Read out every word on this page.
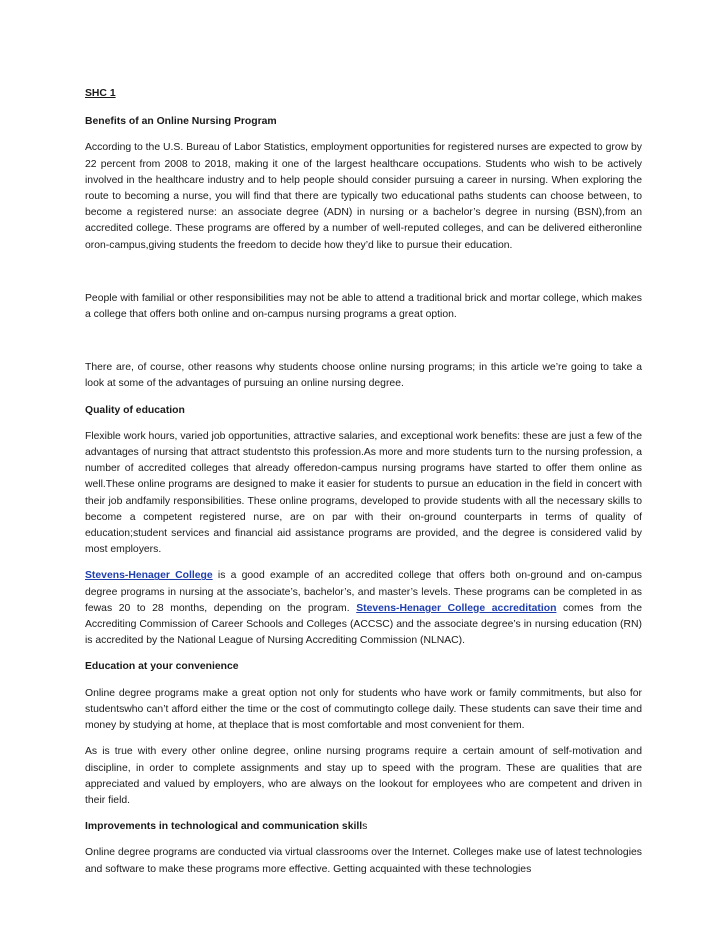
SHC 1

Benefits of an Online Nursing Program

According to the U.S. Bureau of Labor Statistics, employment opportunities for registered nurses are expected to grow by 22 percent from 2008 to 2018, making it one of the largest healthcare occupations. Students who wish to be actively involved in the healthcare industry and to help people should consider pursuing a career in nursing. When exploring the route to becoming a nurse, you will find that there are typically two educational paths students can choose between, to become a registered nurse: an associate degree (ADN) in nursing or a bachelor’s degree in nursing (BSN),from an accredited college. These programs are offered by a number of well-reputed colleges, and can be delivered eitheronline oron-campus,giving students the freedom to decide how they’d like to pursue their education.

People with familial or other responsibilities may not be able to attend a traditional brick and mortar college, which makes a college that offers both online and on-campus nursing programs a great option.

There are, of course, other reasons why students choose online nursing programs; in this article we’re going to take a look at some of the advantages of pursuing an online nursing degree.

Quality of education

Flexible work hours, varied job opportunities, attractive salaries, and exceptional work benefits: these are just a few of the advantages of nursing that attract studentsto this profession.As more and more students turn to the nursing profession, a number of accredited colleges that already offeredon-campus nursing programs have started to offer them online as well.These online programs are designed to make it easier for students to pursue an education in the field in concert with their job andfamily responsibilities. These online programs, developed to provide students with all the necessary skills to become a competent registered nurse, are on par with their on-ground counterparts in terms of quality of education;student services and financial aid assistance programs are provided, and the degree is considered valid by most employers.

Stevens-Henager College is a good example of an accredited college that offers both on-ground and on-campus degree programs in nursing at the associate’s, bachelor’s, and master’s levels. These programs can be completed in as fewas 20 to 28 months, depending on the program. Stevens-Henager College accreditation comes from the Accrediting Commission of Career Schools and Colleges (ACCSC) and the associate degree’s in nursing education (RN) is accredited by the National League of Nursing Accrediting Commission (NLNAC).

Education at your convenience

Online degree programs make a great option not only for students who have work or family commitments, but also for studentswho can’t afford either the time or the cost of commutingto college daily. These students can save their time and money by studying at home, at theplace that is most comfortable and most convenient for them.

As is true with every other online degree, online nursing programs require a certain amount of self-motivation and discipline, in order to complete assignments and stay up to speed with the program. These are qualities that are appreciated and valued by employers, who are always on the lookout for employees who are competent and driven in their field.

Improvements in technological and communication skills

Online degree programs are conducted via virtual classrooms over the Internet. Colleges make use of latest technologies and software to make these programs more effective. Getting acquainted with these technologies
